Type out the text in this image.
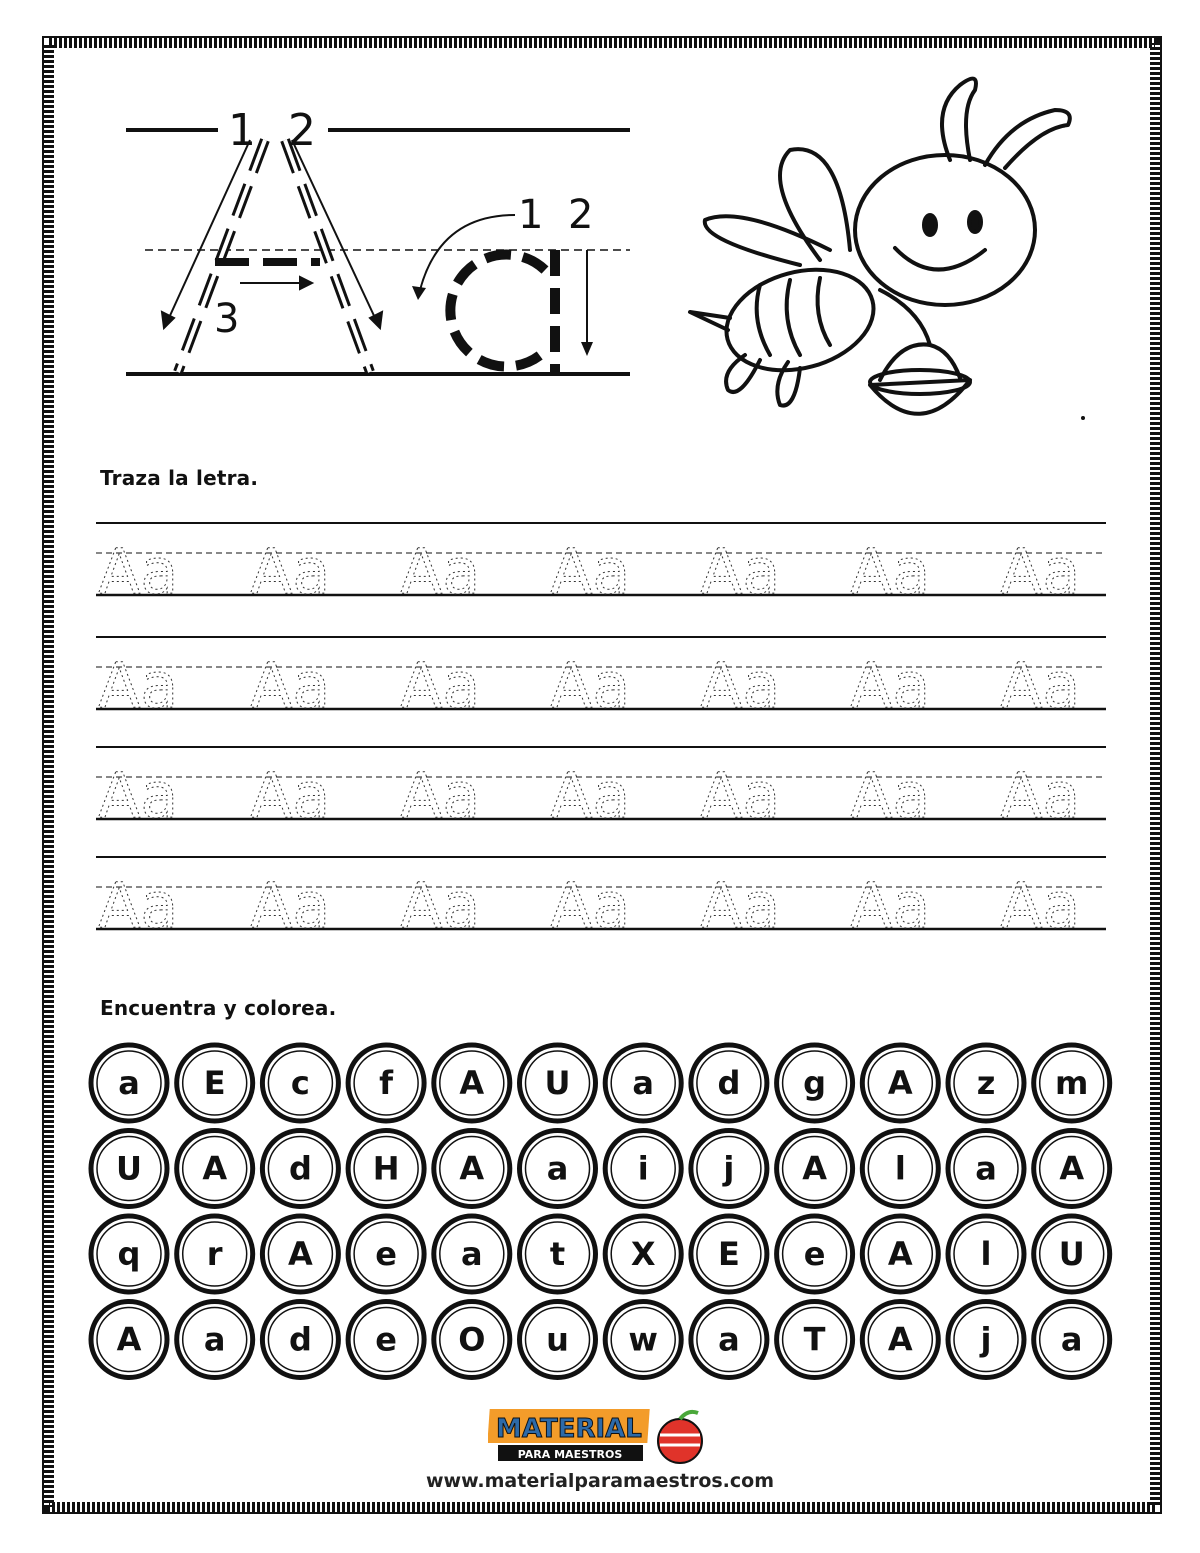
1 2
3
1 2
Traza la letra.
Aa Aa Aa Aa Aa Aa Aa
Aa Aa Aa Aa Aa Aa Aa
Aa Aa Aa Aa Aa Aa Aa
Aa Aa Aa Aa Aa Aa Aa
Encuentra y colorea.
a E c f A U a d g A z m
U A d H A a i j A l a A
q r A e a t X E e A l U
A a d e O u w a T A j a
MATERIAL
PARA MAESTROS
www.materialparamaestros.com
